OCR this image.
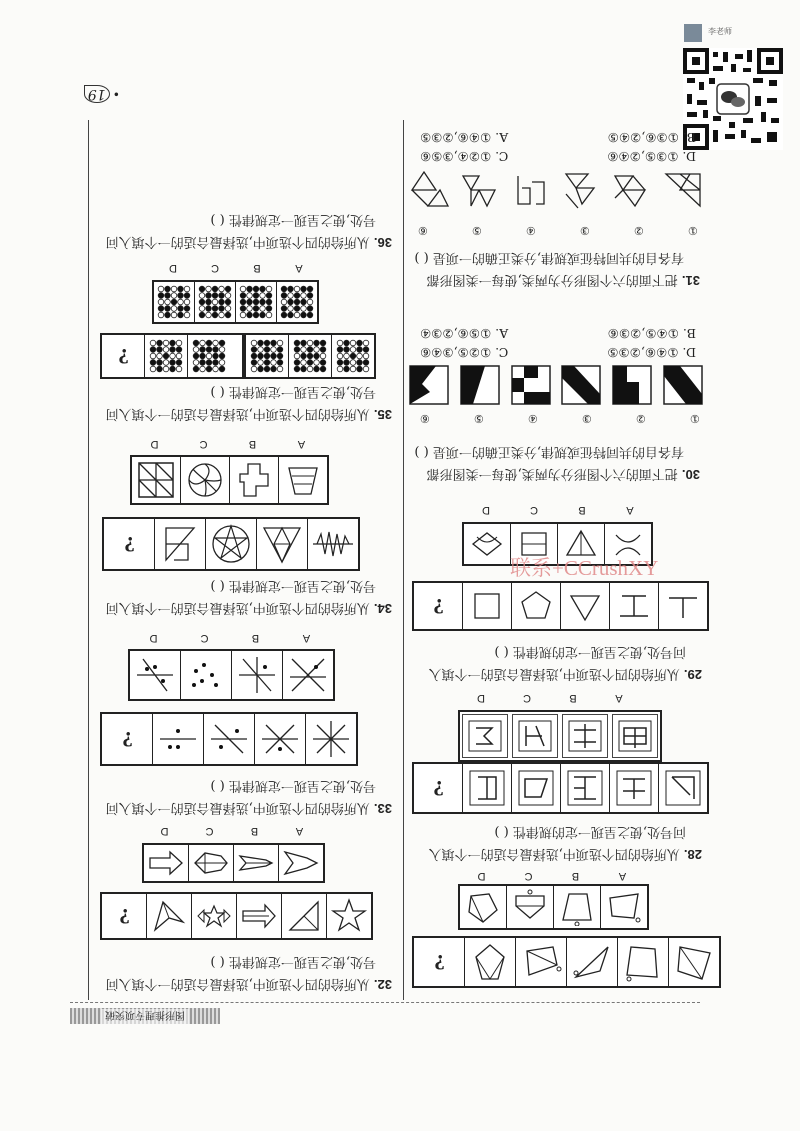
李老师
·
19
36. 从所给的四个选项中,选择最合适的一个填入问
号处,使之呈现一定规律性 ( )
A
B
C
D
?
35. 从所给的四个选项中,选择最合适的一个填入问
号处,使之呈现一定规律性 ( )
A
B
C
D
?
34. 从所给的四个选项中,选择最合适的一个填入问
号处,使之呈现一定规律性 ( )
A
B
C
D
?
33. 从所给的四个选项中,选择最合适的一个填入问
号处,使之呈现一定规律性 ( )
A
B
C
D
?
32. 从所给的四个选项中,选择最合适的一个填入问
号处,使之呈现一定规律性 ( )
D. ①③⑤,②④⑥
C. ①②④,③⑤⑥
B. ①③⑥,②④⑤
A. ①④⑥,②③⑤
⑥	⑤	④	③	②	①
31. 把下面的六个图形分为两类,使每一类图形都
有各自的共同特征或规律,分类正确的一项是 ( )
D. ①④⑥,②③⑤
C. ①②⑤,③④⑥
B. ①④⑤,②③⑥
A. ①⑤⑥,②③④
⑥	⑤	④	③	②	①
30. 把下面的六个图形分为两类,使每一类图形都
有各自的共同特征或规律,分类正确的一项是 ( )
A
B
C
D
?
29. 从所给的四个选项中,选择最合适的一个填入
问号处,使之呈现一定的规律性 ( )
A
B
C
D
?
28. 从所给的四个选项中,选择最合适的一个填入
问号处,使之呈现一定的规律性 ( )
A
B
C
D
?
图形推理专项突破
联系+CCrushXY
